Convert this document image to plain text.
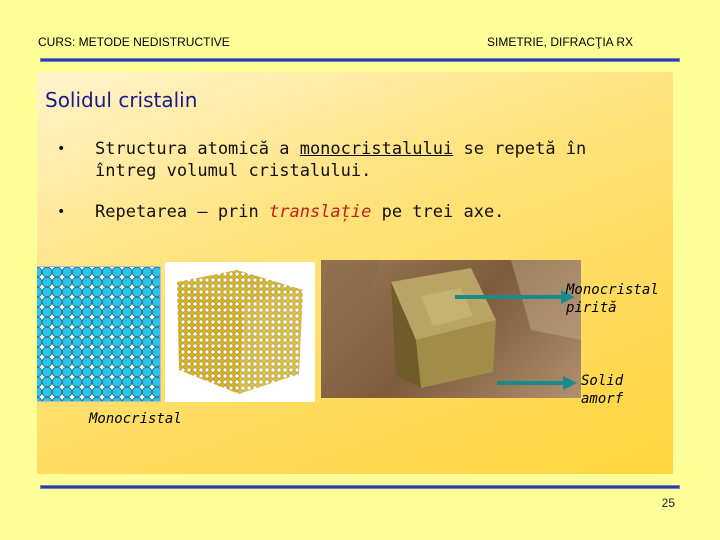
CURS: METODE NEDISTRUCTIVE	SIMETRIE, DIFRACŢIA RX
Solidul cristalin
• Structura atomică a monocristalului se repetă în întreg volumul cristalului.
• Repetarea – prin translație pe trei axe.
Monocristal
pirită
Solid amorf
Monocristal
25
